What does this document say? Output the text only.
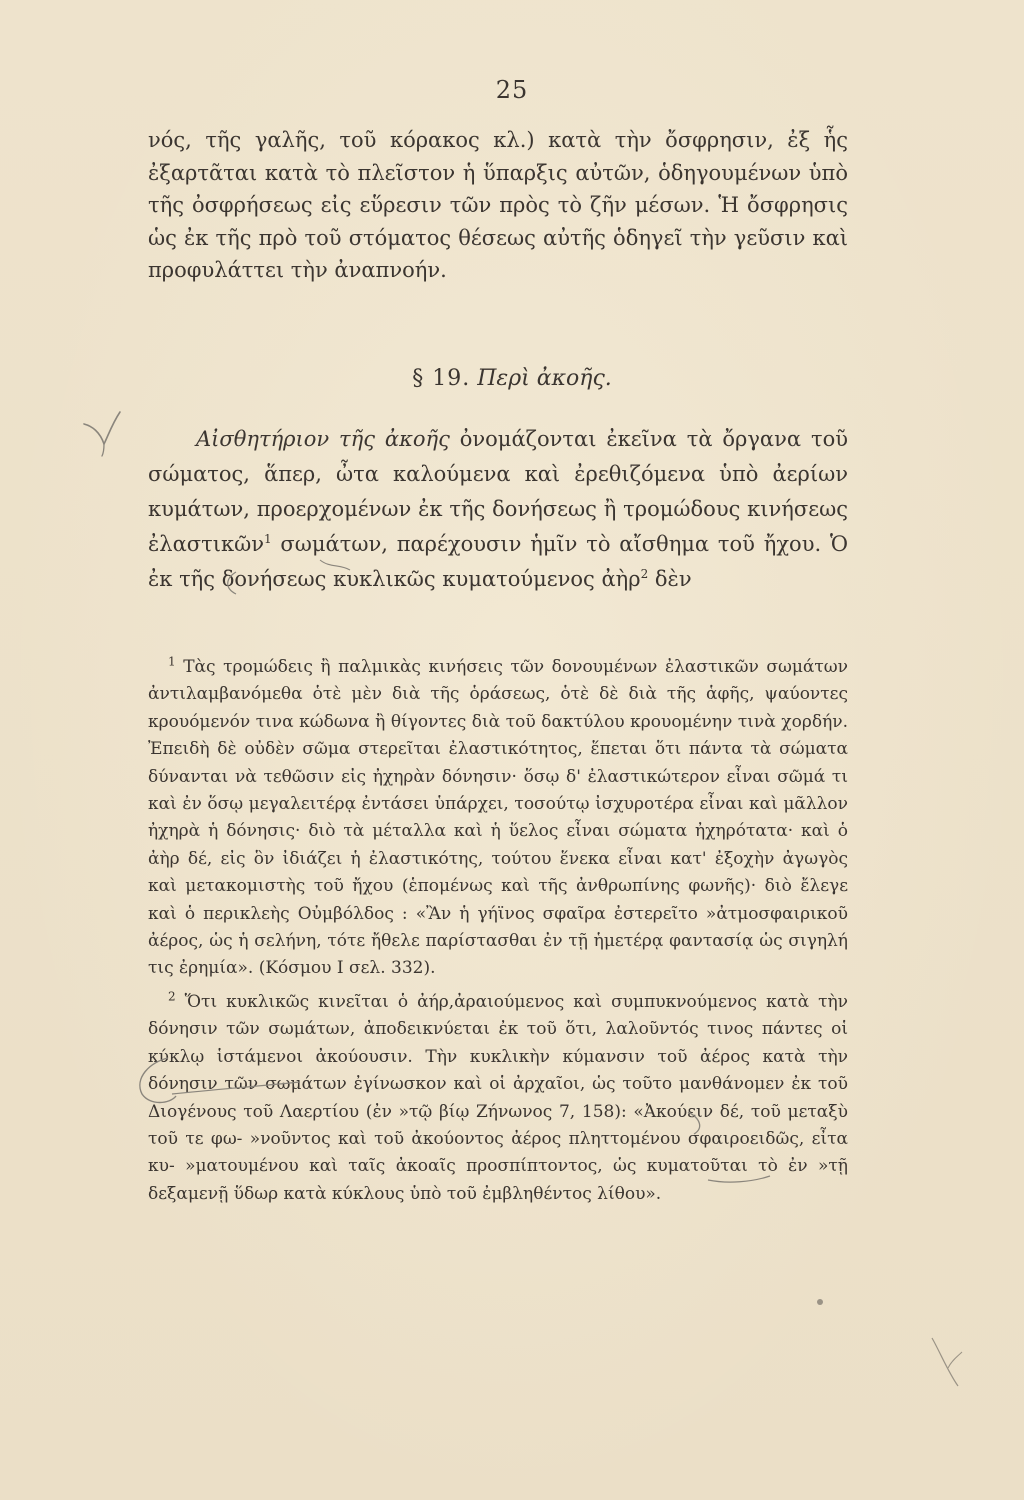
25

νός, τῆς γαλῆς, τοῦ κόρακος κλ.) κατὰ τὴν ὄσφρησιν, ἐξ ἧς ἐξαρτᾶται κατὰ τὸ πλεῖστον ἡ ὕπαρξις αὐτῶν, ὁδηγουμένων ὑπὸ τῆς ὀσφρήσεως εἰς εὕρεσιν τῶν πρὸς τὸ ζῆν μέσων. Ἡ ὄσφρησις ὡς ἐκ τῆς πρὸ τοῦ στόματος θέσεως αὐτῆς ὁδηγεῖ τὴν γεῦσιν καὶ προφυλάττει τὴν ἀναπνοήν.

§ 19. Περὶ ἀκοῆς.

Αἰσθητήριον τῆς ἀκοῆς ὀνομάζονται ἐκεῖνα τὰ ὄργανα τοῦ σώματος, ἅπερ, ὦτα καλούμενα καὶ ἐρεθιζόμενα ὑπὸ ἀερίων κυμάτων, προερχομένων ἐκ τῆς δονήσεως ἢ τρομώδους κινήσεως ἐλαστικῶν$^1$ σωμάτων, παρέχουσιν ἡμῖν τὸ αἴσθημα τοῦ ἤχου. Ὁ ἐκ τῆς δονήσεως κυκλικῶς κυματούμενος ἀὴρ$^2$ δὲν

$^1$ Τὰς τρομώδεις ἢ παλμικὰς κινήσεις τῶν δονουμένων ἐλαστικῶν σωμάτων ἀντιλαμβανόμεθα ὁτὲ μὲν διὰ τῆς ὁράσεως, ὁτὲ δὲ διὰ τῆς ἁφῆς, ψαύοντες κρουόμενόν τινα κώδωνα ἢ θίγοντες διὰ τοῦ δακτύλου κρουομένην τινὰ χορδήν. Ἐπειδὴ δὲ οὐδὲν σῶμα στερεῖται ἐλαστικότητος, ἕπεται ὅτι πάντα τὰ σώματα δύνανται νὰ τεθῶσιν εἰς ἠχηρὰν δόνησιν· ὅσῳ δ' ἐλαστικώτερον εἶναι σῶμά τι καὶ ἐν ὅσῳ μεγαλειτέρᾳ ἐντάσει ὑπάρχει, τοσούτῳ ἰσχυροτέρα εἶναι καὶ μᾶλλον ἠχηρὰ ἡ δόνησις· διὸ τὰ μέταλλα καὶ ἡ ὕελος εἶναι σώματα ἠχηρότατα· καὶ ὁ ἀὴρ δέ, εἰς ὃν ἰδιάζει ἡ ἐλαστικότης, τούτου ἕνεκα εἶναι κατ' ἐξοχὴν ἀγωγὸς καὶ μετακομιστὴς τοῦ ἤχου (ἑπομένως καὶ τῆς ἀνθρωπίνης φωνῆς)· διὸ ἔλεγε καὶ ὁ περικλεὴς Οὐμβόλδος : «Ἂν ἡ γήϊνος σφαῖρα ἐστερεῖτο »ἀτμοσφαιρικοῦ ἀέρος, ὡς ἡ σελήνη, τότε ἤθελε παρίστασθαι ἐν τῇ ἡμετέρᾳ φαντασίᾳ ὡς σιγηλή τις ἐρημία». (Κόσμου Ι σελ. 332).

$^2$ Ὅτι κυκλικῶς κινεῖται ὁ ἀήρ,ἀραιούμενος καὶ συμπυκνούμενος κατὰ τὴν δόνησιν τῶν σωμάτων, ἀποδεικνύεται ἐκ τοῦ ὅτι, λαλοῦντός τινος πάντες οἱ κύκλῳ ἱστάμενοι ἀκούουσιν. Τὴν κυκλικὴν κύμανσιν τοῦ ἀέρος κατὰ τὴν δόνησιν τῶν σωμάτων ἐγίνωσκον καὶ οἱ ἀρχαῖοι, ὡς τοῦτο μανθάνομεν ἐκ τοῦ Διογένους τοῦ Λαερτίου (ἐν »τῷ βίῳ Ζήνωνος 7, 158): «Ἀκούειν δέ, τοῦ μεταξὺ τοῦ τε φω- »νοῦντος καὶ τοῦ ἀκούοντος ἀέρος πληττομένου σφαιροειδῶς, εἶτα κυ- »ματουμένου καὶ ταῖς ἀκοαῖς προσπίπτοντος, ὡς κυματοῦται τὸ ἐν »τῇ δεξαμενῇ ὕδωρ κατὰ κύκλους ὑπὸ τοῦ ἐμβληθέντος λίθου».
